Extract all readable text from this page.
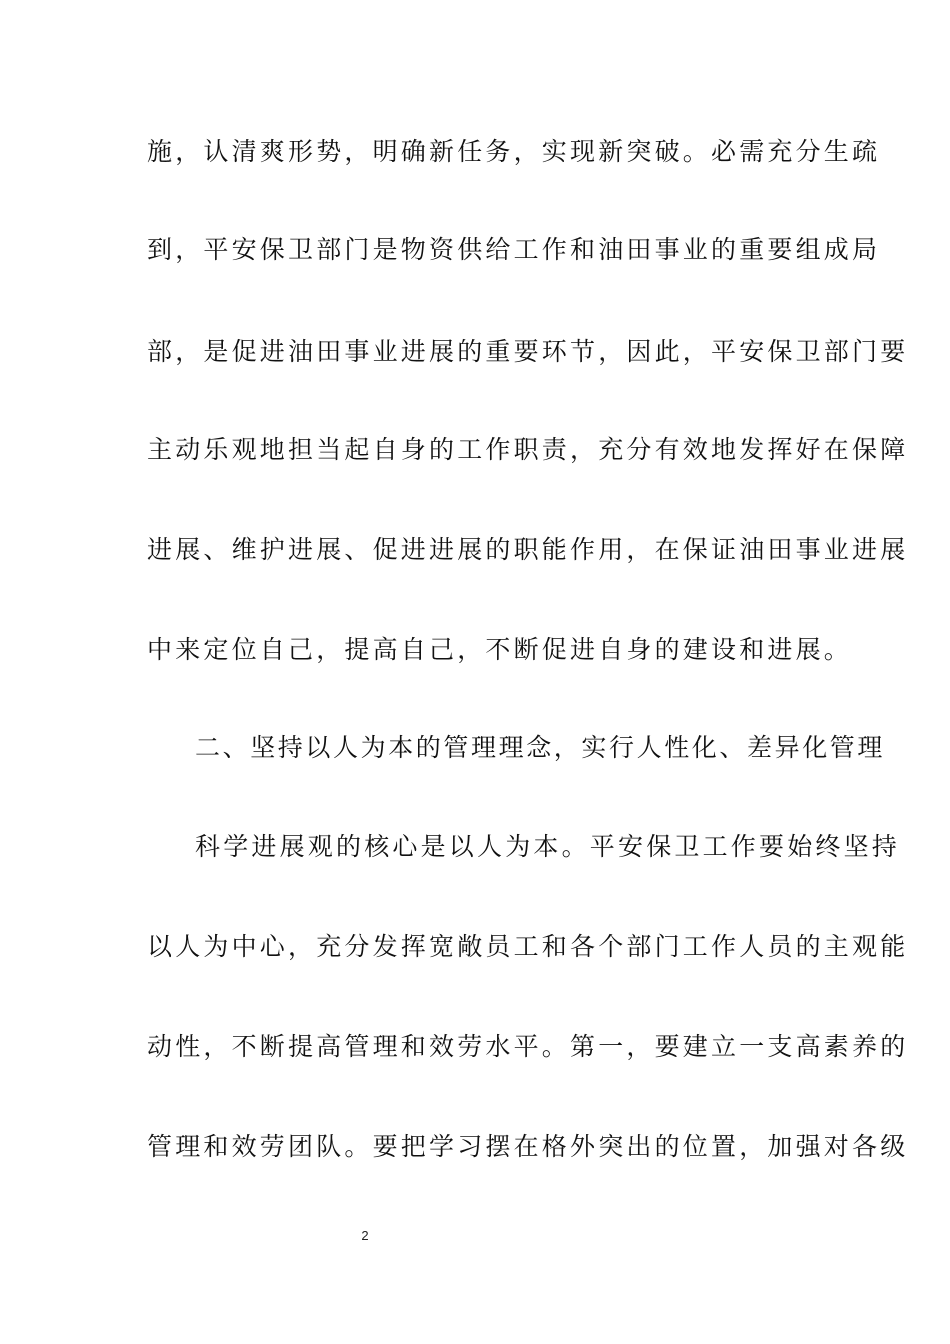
施，认清爽形势，明确新任务，实现新突破。必需充分生疏
到，平安保卫部门是物资供给工作和油田事业的重要组成局
部，是促进油田事业进展的重要环节，因此，平安保卫部门要
主动乐观地担当起自身的工作职责，充分有效地发挥好在保障
进展、维护进展、促进进展的职能作用，在保证油田事业进展
中来定位自己，提高自己，不断促进自身的建设和进展。
二、坚持以人为本的管理理念，实行人性化、差异化管理
科学进展观的核心是以人为本。平安保卫工作要始终坚持
以人为中心，充分发挥宽敞员工和各个部门工作人员的主观能
动性，不断提高管理和效劳水平。第一，要建立一支高素养的
管理和效劳团队。要把学习摆在格外突出的位置，加强对各级
2
